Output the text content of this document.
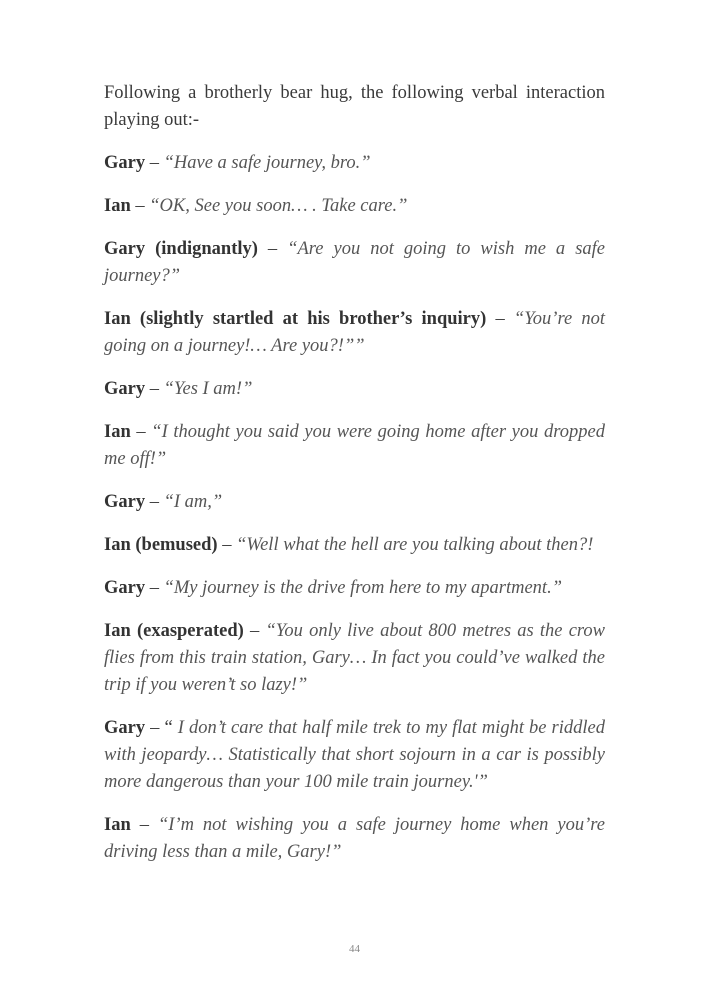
Following a brotherly bear hug, the following verbal interaction playing out:-

Gary – “Have a safe journey, bro.”

Ian – “OK, See you soon… . Take care.”

Gary (indignantly) – “Are you not going to wish me a safe journey?”

Ian (slightly startled at his brother’s inquiry) – “You’re not going on a journey!… Are you?!””

Gary – “Yes I am!”

Ian – “I thought you said you were going home after you dropped me off!”

Gary – “I am,”

Ian (bemused) – “Well what the hell are you talking about then?!

Gary – “My journey is the drive from here to my apartment.”

Ian (exasperated) – “You only live about 800 metres as the crow flies from this train station, Gary… In fact you could’ve walked the trip if you weren’t so lazy!”

Gary – “ I don’t care that half mile trek to my flat might be riddled with jeopardy… Statistically that short sojourn in a car is possibly more dangerous than your 100 mile train journey.'”

Ian – “I’m not wishing you a safe journey home when you’re driving less than a mile, Gary!”

44
